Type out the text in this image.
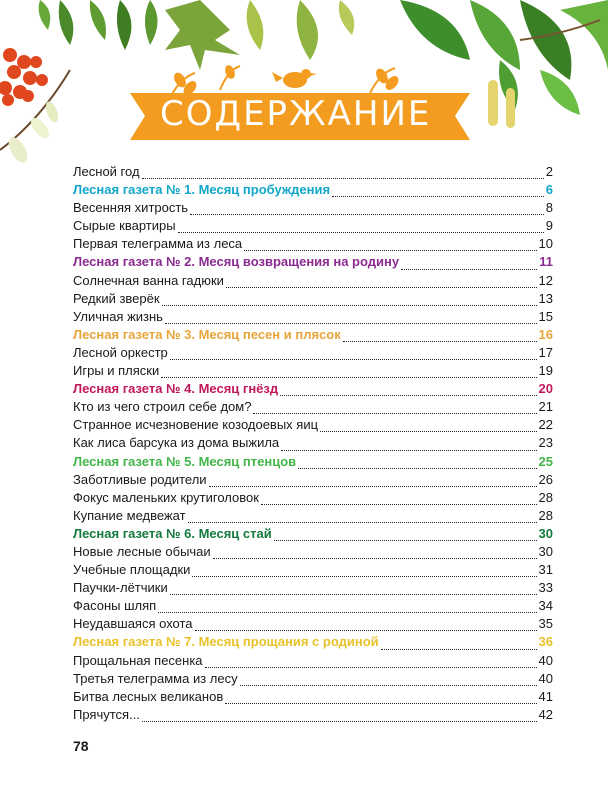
СОДЕРЖАНИЕ
Лесной год	2
Лесная газета № 1. Месяц пробуждения	6
Весенняя хитрость	8
Сырые квартиры	9
Первая телеграмма из леса	10
Лесная газета № 2. Месяц возвращения на родину	11
Солнечная ванна гадюки	12
Редкий зверёк	13
Уличная жизнь	15
Лесная газета № 3. Месяц песен и плясок	16
Лесной оркестр	17
Игры и пляски	19
Лесная газета № 4. Месяц гнёзд	20
Кто из чего строил себе дом?	21
Странное исчезновение козодоевых яиц	22
Как лиса барсука из дома выжила	23
Лесная газета № 5. Месяц птенцов	25
Заботливые родители	26
Фокус маленьких крутиголовок	28
Купание медвежат	28
Лесная газета № 6. Месяц стай	30
Новые лесные обычаи	30
Учебные площадки	31
Паучки-лётчики	33
Фасоны шляп	34
Неудавшаяся охота	35
Лесная газета № 7. Месяц прощания с родиной	36
Прощальная песенка	40
Третья телеграмма из лесу	40
Битва лесных великанов	41
Прячутся...	42
78
